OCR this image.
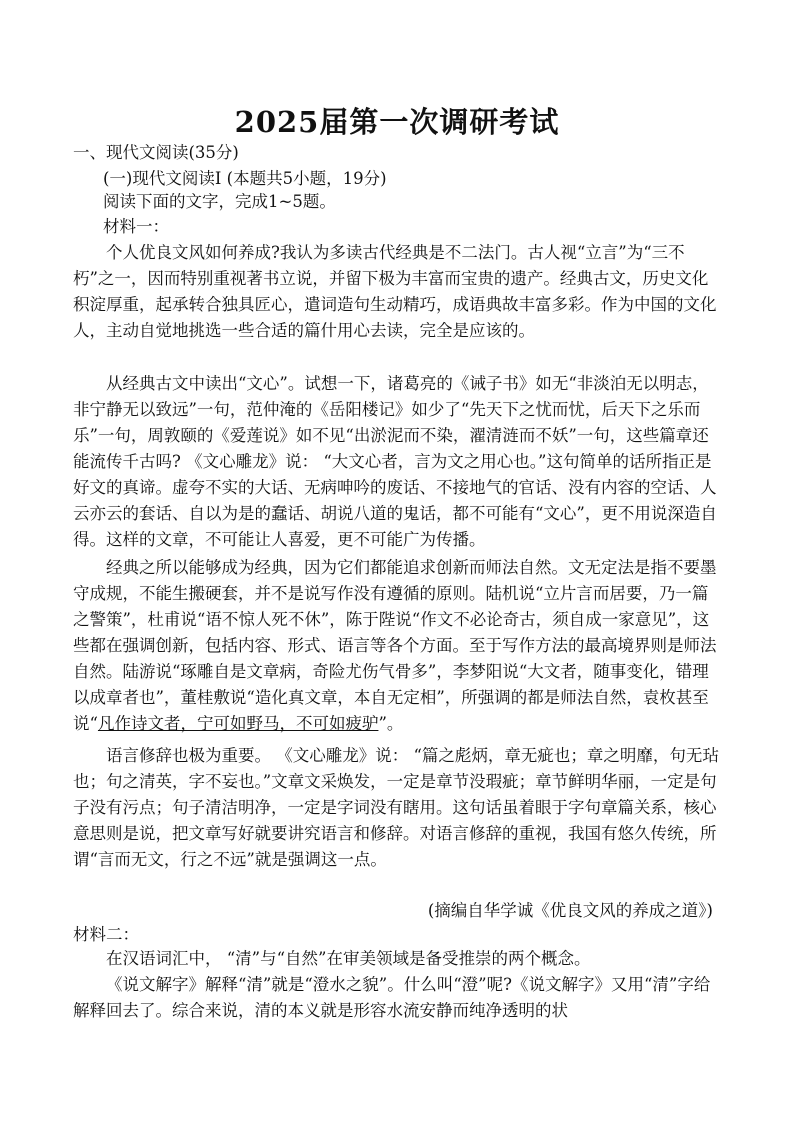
2025届第一次调研考试
一、现代文阅读(35分)
(一)现代文阅读I (本题共5小题，19分)
阅读下面的文字，完成1~5题。
材料一：

个人优良文风如何养成?我认为多读古代经典是不二法门。古人视“立言”为“三不朽”之一，因而特别重视著书立说，并留下极为丰富而宝贵的遗产。经典古文，历史文化积淀厚重，起承转合独具匠心，遣词造句生动精巧，成语典故丰富多彩。作为中国的文化人，主动自觉地挑选一些合适的篇什用心去读，完全是应该的。

从经典古文中读出“文心”。试想一下，诸葛亮的《诫子书》如无“非淡泊无以明志，非宁静无以致远”一句，范仲淹的《岳阳楼记》如少了“先天下之忧而忧，后天下之乐而乐”一句，周敦颐的《爱莲说》如不见“出淤泥而不染，濯清涟而不妖”一句，这些篇章还能流传千古吗? 《文心雕龙》说： “大文心者，言为文之用心也。”这句简单的话所指正是好文的真谛。虚夸不实的大话、无病呻吟的废话、不接地气的官话、没有内容的空话、人云亦云的套话、自以为是的蠢话、胡说八道的鬼话，都不可能有“文心”，更不用说深造自得。这样的文章，不可能让人喜爱，更不可能广为传播。

经典之所以能够成为经典，因为它们都能追求创新而师法自然。文无定法是指不要墨守成规，不能生搬硬套，并不是说写作没有遵循的原则。陆机说“立片言而居要，乃一篇之警策”，杜甫说“语不惊人死不休”，陈于陛说“作文不必论奇古，须自成一家意见”，这些都在强调创新，包括内容、形式、语言等各个方面。至于写作方法的最高境界则是师法自然。陆游说“琢雕自是文章病，奇险尤伤气骨多”，李梦阳说“大文者，随事变化，错理以成章者也”，董桂敷说“造化真文章，本自无定相”，所强调的都是师法自然，袁枚甚至说“凡作诗文者，宁可如野马，不可如疲驴”。

语言修辞也极为重要。 《文心雕龙》说： “篇之彪炳，章无疵也；章之明靡，句无玷也；句之清英，字不妄也。”文章文采焕发，一定是章节没瑕疵；章节鲜明华丽，一定是句子没有污点；句子清洁明净，一定是字词没有瞎用。这句话虽着眼于字句章篇关系，核心意思则是说，把文章写好就要讲究语言和修辞。对语言修辞的重视，我国有悠久传统，所谓“言而无文，行之不远”就是强调这一点。

(摘编自华学诚《优良文风的养成之道》)
材料二：

在汉语词汇中， “清”与“自然”在审美领域是备受推崇的两个概念。

《说文解字》解释“清”就是“澄水之貌”。什么叫“澄”呢?《说文解字》又用“清”字给解释回去了。综合来说，清的本义就是形容水流安静而纯净透明的状
